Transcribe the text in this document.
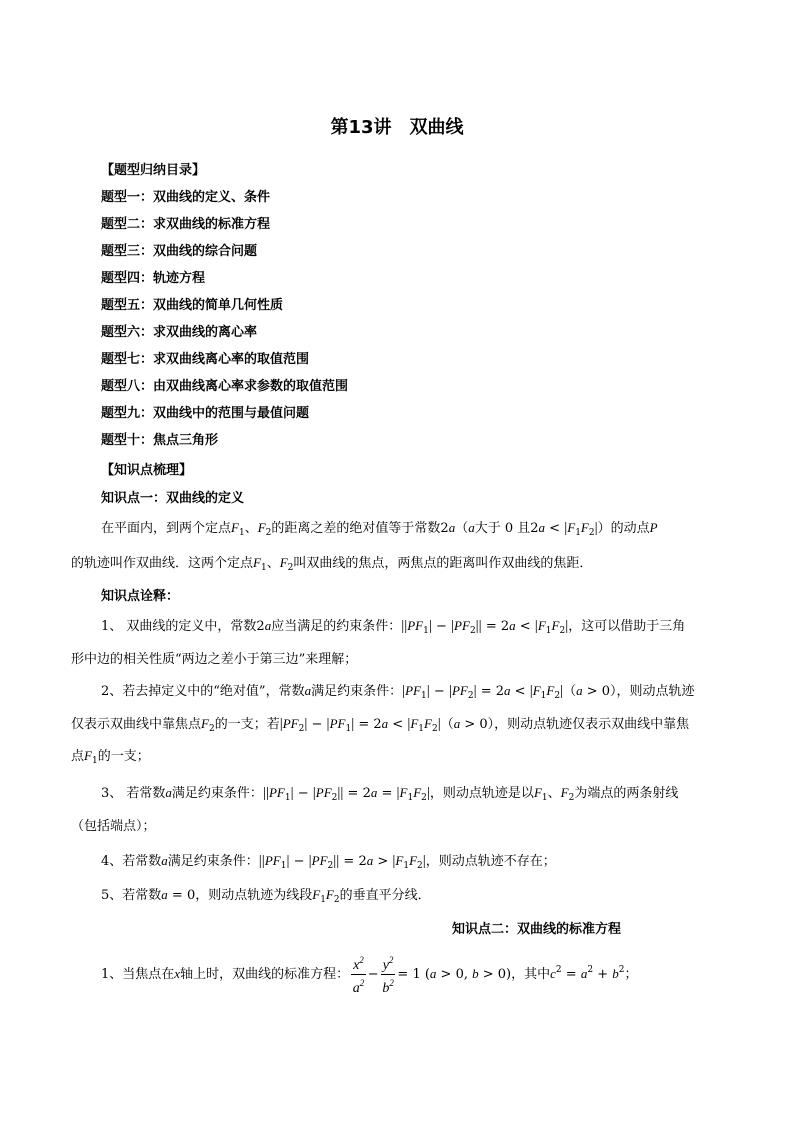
第13讲 双曲线
【题型归纳目录】
题型一：双曲线的定义、条件
题型二：求双曲线的标准方程
题型三：双曲线的综合问题
题型四：轨迹方程
题型五：双曲线的简单几何性质
题型六：求双曲线的离心率
题型七：求双曲线离心率的取值范围
题型八：由双曲线离心率求参数的取值范围
题型九：双曲线中的范围与最值问题
题型十：焦点三角形
【知识点梳理】
知识点一：双曲线的定义
在平面内，到两个定点$F_1$、$F_2$的距离之差的绝对值等于常数2a（a大于 0 且$2a < |F_1F_2|$）的动点P
的轨迹叫作双曲线．这两个定点$F_1$、$F_2$叫双曲线的焦点，两焦点的距离叫作双曲线的焦距．
知识点诠释：
1、 双曲线的定义中，常数2a应当满足的约束条件：$||PF_1| - |PF_2|| = 2a < |F_1F_2|$，这可以借助于三角
形中边的相关性质“两边之差小于第三边”来理解；
2、若去掉定义中的“绝对值”，常数a满足约束条件：$|PF_1| - |PF_2| = 2a < |F_1F_2|(a > 0)$，则动点轨迹
仅表示双曲线中靠焦点$F_2$的一支；若$|PF_2| - |PF_1| = 2a < |F_1F_2|(a > 0)$，则动点轨迹仅表示双曲线中靠焦
点$F_1$的一支；
3、 若常数a满足约束条件：$||PF_1| - |PF_2|| = 2a = |F_1F_2|$，则动点轨迹是以$F_1$、$F_2$为端点的两条射线
（包括端点）；
4、若常数a满足约束条件：$||PF_1| - |PF_2|| = 2a > |F_1F_2|$，则动点轨迹不存在；
5、若常数a = 0，则动点轨迹为线段$F_1F_2$的垂直平分线．
知识点二：双曲线的标准方程
1、当焦点在x轴上时，双曲线的标准方程： $\frac{x^2}{a^2} - \frac{y^2}{b^2} = 1$ (a > 0, b > 0)，其中$c^2 = a^2 + b^2$；
